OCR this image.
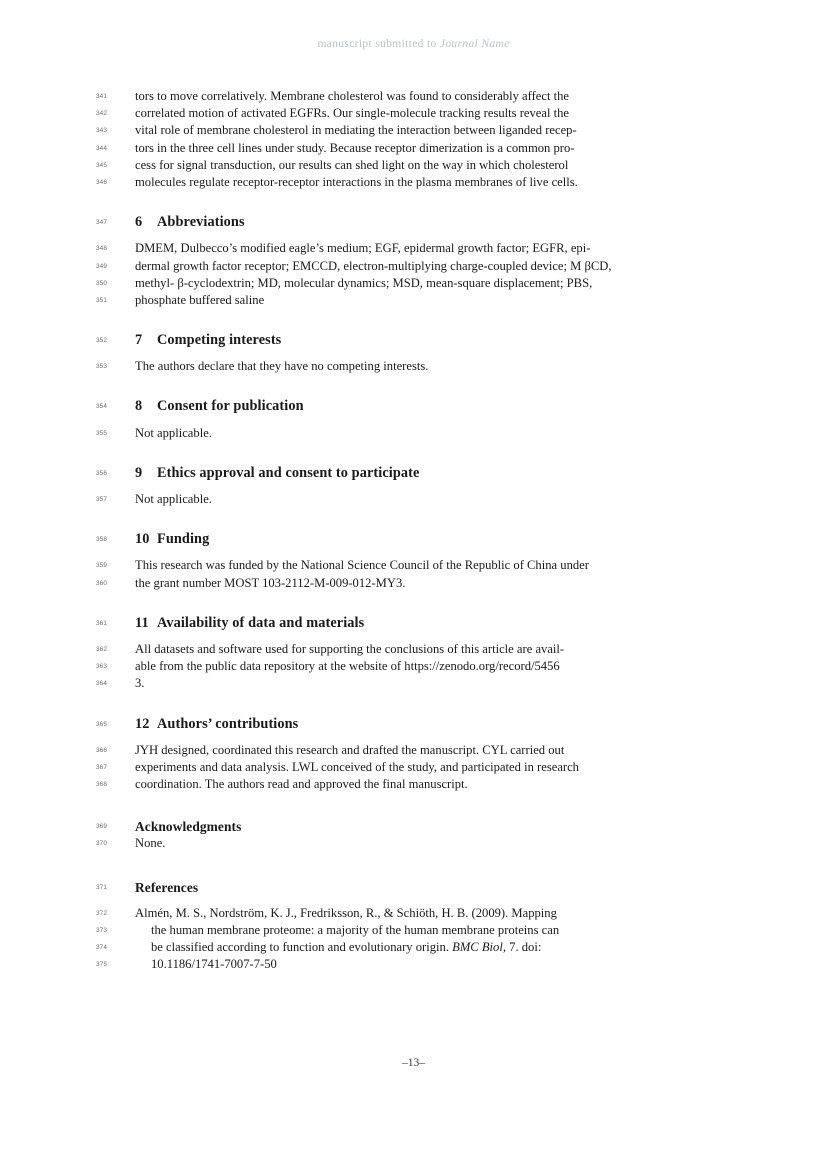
manuscript submitted to Journal Name
341 tors to move correlatively. Membrane cholesterol was found to considerably affect the
342 correlated motion of activated EGFRs. Our single-molecule tracking results reveal the
343 vital role of membrane cholesterol in mediating the interaction between liganded recep-
344 tors in the three cell lines under study. Because receptor dimerization is a common pro-
345 cess for signal transduction, our results can shed light on the way in which cholesterol
346 molecules regulate receptor-receptor interactions in the plasma membranes of live cells.
347 6 Abbreviations
348 DMEM, Dulbecco’s modified eagle’s medium; EGF, epidermal growth factor; EGFR, epi-
349 dermal growth factor receptor; EMCCD, electron-multiplying charge-coupled device; M βCD,
350 methyl- β-cyclodextrin; MD, molecular dynamics; MSD, mean-square displacement; PBS,
351 phosphate buffered saline
352 7 Competing interests
353 The authors declare that they have no competing interests.
354 8 Consent for publication
355 Not applicable.
356 9 Ethics approval and consent to participate
357 Not applicable.
358 10 Funding
359 This research was funded by the National Science Council of the Republic of China under
360 the grant number MOST 103-2112-M-009-012-MY3.
361 11 Availability of data and materials
362 All datasets and software used for supporting the conclusions of this article are avail-
363 able from the public data repository at the website of https://zenodo.org/record/5456
364 3.
365 12 Authors’ contributions
366 JYH designed, coordinated this research and drafted the manuscript. CYL carried out
367 experiments and data analysis. LWL conceived of the study, and participated in research
368 coordination. The authors read and approved the final manuscript.
369 Acknowledgments
370 None.
371 References
372 Almén, M. S., Nordström, K. J., Fredriksson, R., & Schiöth, H. B. (2009). Mapping
373	the human membrane proteome: a majority of the human membrane proteins can
374	be classified according to function and evolutionary origin. BMC Biol, 7. doi:
375	10.1186/1741-7007-7-50
–13–
